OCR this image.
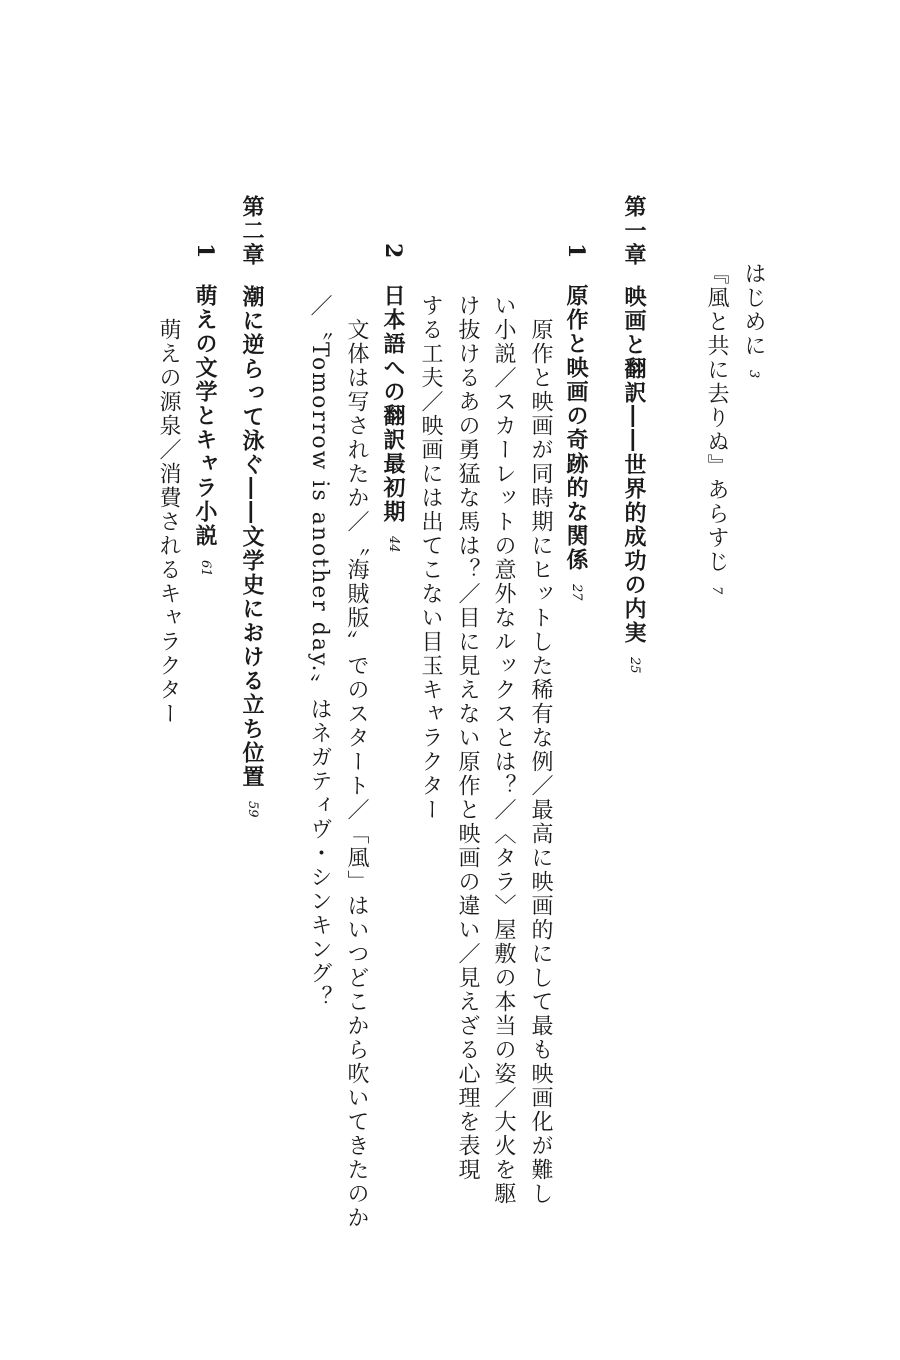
はじめに3
『風と共に去りぬ』あらすじ7
第一章映画と翻訳――世界的成功の内実25
1原作と映画の奇跡的な関係27
原作と映画が同時期にヒットした稀有な例／最高に映画的にして最も映画化が難し
い小説／スカーレットの意外なルックスとは？／〈タラ〉屋敷の本当の姿／大火を駆
け抜けるあの勇猛な馬は？／目に見えない原作と映画の違い／見えざる心理を表現
する工夫／映画には出てこない目玉キャラクター
2日本語への翻訳最初期44
文体は写されたか／〝海賊版〟でのスタート／「風」はいつどこから吹いてきたのか
／〝Tomorrow is another day.〟はネガティヴ・シンキング？
第二章潮に逆らって泳ぐ――文学史における立ち位置59
1萌えの文学とキャラ小説61
萌えの源泉／消費されるキャラクター
